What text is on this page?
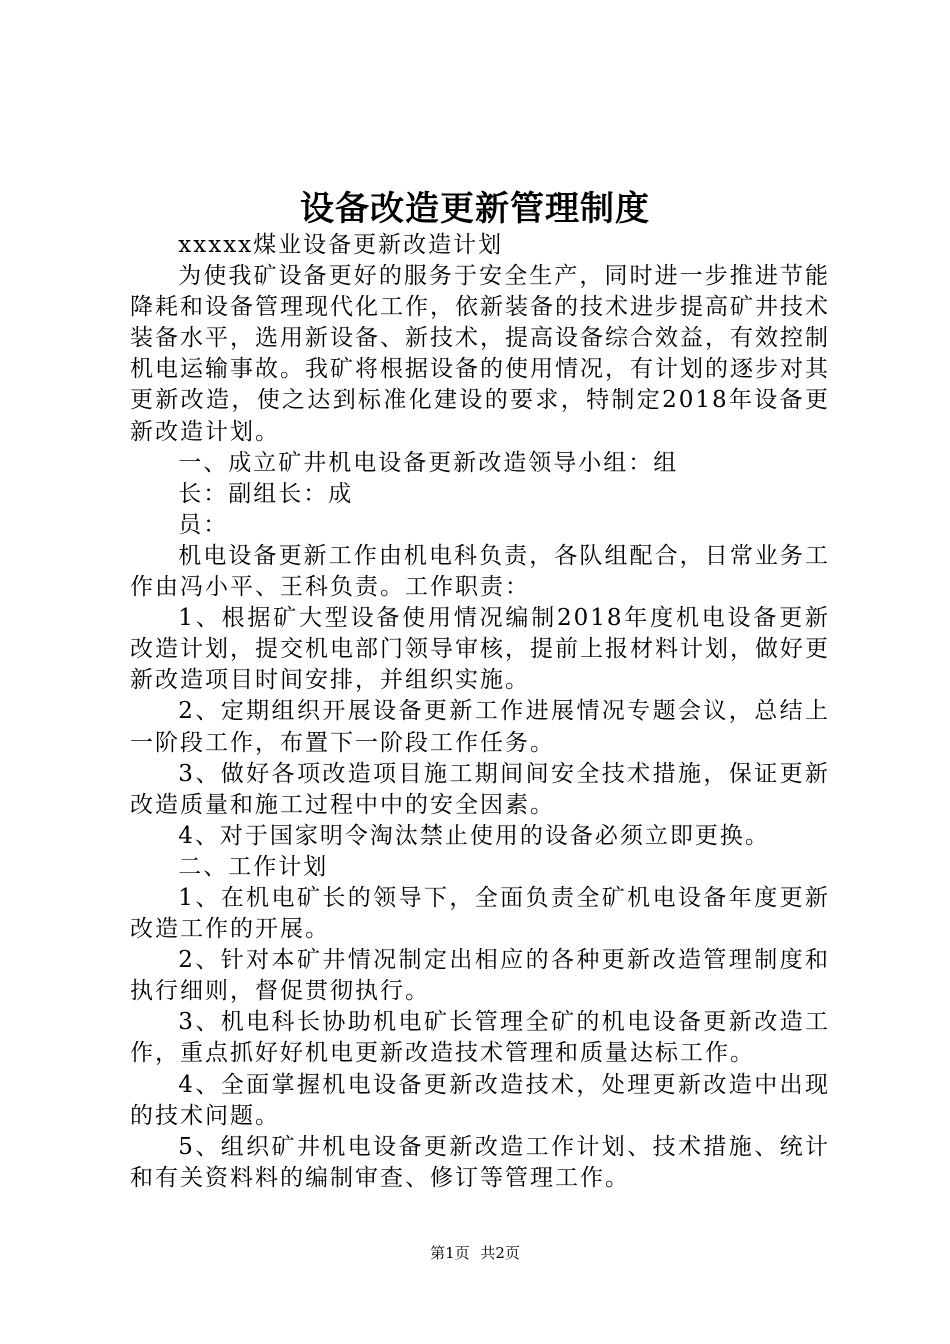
设备改造更新管理制度

xxxxx煤业设备更新改造计划

为使我矿设备更好的服务于安全生产，同时进一步推进节能降耗和设备管理现代化工作，依新装备的技术进步提高矿井技术装备水平，选用新设备、新技术，提高设备综合效益，有效控制机电运输事故。我矿将根据设备的使用情况，有计划的逐步对其更新改造，使之达到标准化建设的要求，特制定2018年设备更新改造计划。

一、成立矿井机电设备更新改造领导小组：组

长：副组长：成

员：

机电设备更新工作由机电科负责，各队组配合，日常业务工作由冯小平、王科负责。工作职责：

1、根据矿大型设备使用情况编制2018年度机电设备更新改造计划，提交机电部门领导审核，提前上报材料计划，做好更新改造项目时间安排，并组织实施。

2、定期组织开展设备更新工作进展情况专题会议，总结上一阶段工作，布置下一阶段工作任务。

3、做好各项改造项目施工期间间安全技术措施，保证更新改造质量和施工过程中中的安全因素。

4、对于国家明令淘汰禁止使用的设备必须立即更换。

二、工作计划

1、在机电矿长的领导下，全面负责全矿机电设备年度更新改造工作的开展。

2、针对本矿井情况制定出相应的各种更新改造管理制度和执行细则，督促贯彻执行。

3、机电科长协助机电矿长管理全矿的机电设备更新改造工作，重点抓好好机电更新改造技术管理和质量达标工作。

4、全面掌握机电设备更新改造技术，处理更新改造中出现的技术问题。

5、组织矿井机电设备更新改造工作计划、技术措施、统计和有关资料料的编制审查、修订等管理工作。

第1页 共2页
